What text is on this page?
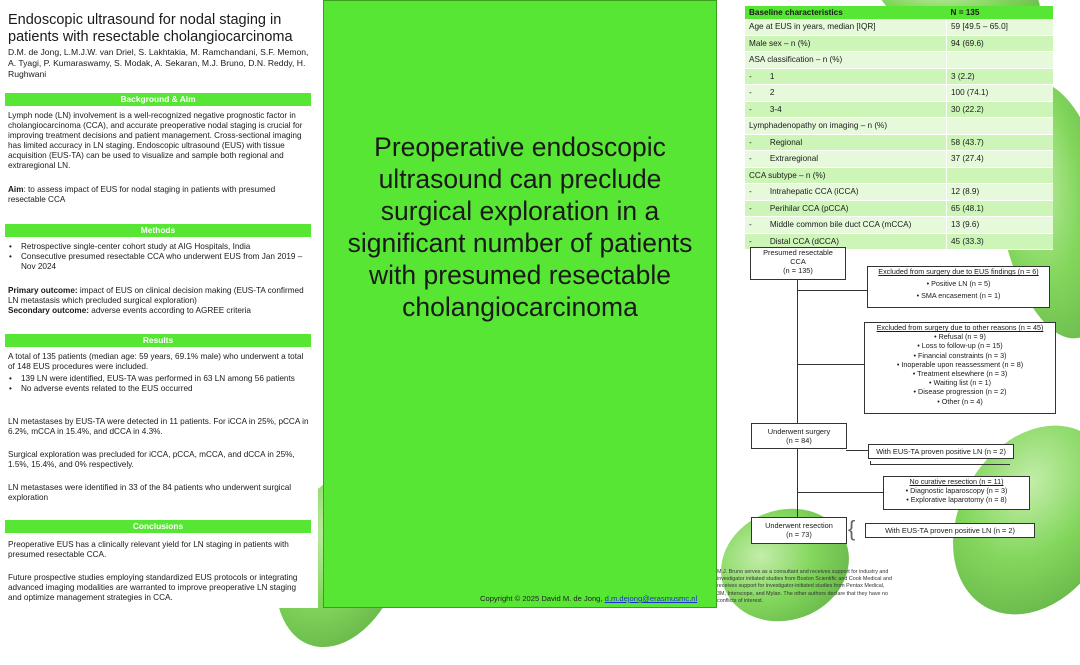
Endoscopic ultrasound for nodal staging in patients with resectable cholangiocarcinoma
D.M. de Jong, L.M.J.W. van Driel, S. Lakhtakia, M. Ramchandani, S.F. Memon, A. Tyagi, P. Kumaraswamy, S. Modak, A. Sekaran, M.J. Bruno, D.N. Reddy, H. Rughwani
Background & Aim

Lymph node (LN) involvement is a well-recognized negative prognostic factor in cholangiocarcinoma (CCA), and accurate preoperative nodal staging is crucial for improving treatment decisions and patient management. Cross-sectional imaging has limited accuracy in LN staging. Endoscopic ultrasound (EUS) with tissue acquisition (EUS-TA) can be used to visualize and sample both regional and extraregional LN.

Aim: to assess impact of EUS for nodal staging in patients with presumed resectable CCA

Methods
• Retrospective single-center cohort study at AIG Hospitals, India
• Consecutive presumed resectable CCA who underwent EUS from Jan 2019 – Nov 2024

Primary outcome: impact of EUS on clinical decision making (EUS-TA confirmed LN metastasis which precluded surgical exploration)

Secondary outcome: adverse events according to AGREE criteria

Results

A total of 135 patients (median age: 59 years, 69.1% male) who underwent a total of 148 EUS procedures were included.

• 139 LN were identified, EUS-TA was performed in 63 LN among 56 patients
• No adverse events related to the EUS occurred

LN metastases by EUS-TA were detected in 11 patients. For iCCA in 25%, pCCA in 6.2%, mCCA in 15.4%, and dCCA in 4.3%.

Surgical exploration was precluded for iCCA, pCCA, mCCA, and dCCA in 25%, 1.5%, 15.4%, and 0% respectively.

LN metastases were identified in 33 of the 84 patients who underwent surgical exploration

Conclusions

Preoperative EUS has a clinically relevant yield for LN staging in patients with presumed resectable CCA.

Future prospective studies employing standardized EUS protocols or integrating advanced imaging modalities are warranted to improve preoperative LN staging and optimize management strategies in CCA.

Preoperative endoscopic ultrasound can preclude surgical exploration in a significant number of patients with presumed resectable cholangiocarcinoma
Copyright © 2025 David M. de Jong, d.m.dejong@erasmusmc.nl
Baseline characteristics	N = 135
Age at EUS in years, median [IQR]	59 [49.5 – 65.0]
Male sex – n (%)	94 (69.6)
ASA classification – n (%)	
- 1	3 (2.2)
- 2	100 (74.1)
- 3-4	30 (22.2)
Lymphadenopathy on imaging – n (%)	
- Regional	58 (43.7)
- Extraregional	37 (27.4)
CCA subtype – n (%)	
- Intrahepatic CCA (iCCA)	12 (8.9)
- Perihilar CCA (pCCA)	65 (48.1)
- Middle common bile duct CCA (mCCA)	13 (9.6)
- Distal CCA (dCCA)	45 (33.3)
Presumed resectable
CCA
(n = 135)	Excluded from surgery due to EUS findings (n = 6)
• Positive LN (n = 5)
• SMA encasement (n = 1)
Excluded from surgery due to other reasons (n = 45)
• Refusal (n = 9)
• Loss to follow-up (n = 15)
• Financial constraints (n = 3)
• Inoperable upon reassessment (n = 8)
• Treatment elsewhere (n = 3)
• Waiting list (n = 1)
• Disease progression (n = 2)
• Other (n = 4)
Underwent surgery
(n = 84)
With EUS-TA proven positive LN (n = 2)
No curative resection (n = 11)
• Diagnostic laparoscopy (n = 3)
• Explorative laparotomy (n = 8)
Underwent resection
(n = 73)	{	With EUS-TA proven positive LN (n = 2)
M.J. Bruno serves as a consultant and receives support for industry and investigator initiated studies from Boston Scientific and Cook Medical and receives support for investigator-initiated studies from Pentax Medical, 3M, Interscope, and Mylan. The other authors declare that they have no conflicts of interest.
